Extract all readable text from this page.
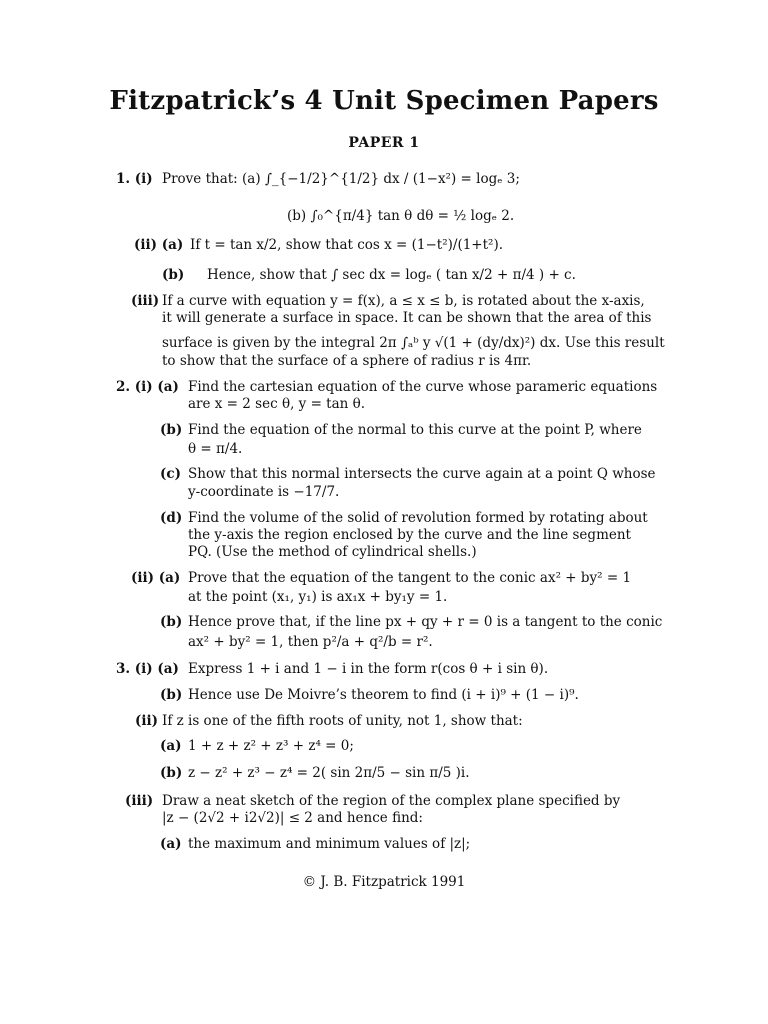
Fitzpatrick’s 4 Unit Specimen Papers
PAPER 1
1. (i) Prove that: (a) ∫_{−1/2}^{1/2} dx / (1−x²) = logₑ 3;
(b) ∫₀^{π/4} tan θ dθ = ½ logₑ 2.
(ii) (a) If t = tan x/2, show that cos x = (1−t²)/(1+t²).
(b) Hence, show that ∫ sec dx = logₑ ( tan x/2 + π/4 ) + c.
(iii) If a curve with equation y = f(x), a ≤ x ≤ b, is rotated about the x-axis,
it will generate a surface in space. It can be shown that the area of this
surface is given by the integral 2π ∫ₐᵇ y √(1 + (dy/dx)²) dx. Use this result
to show that the surface of a sphere of radius r is 4πr.
2. (i) (a) Find the cartesian equation of the curve whose parameric equations
are x = 2 sec θ, y = tan θ.
(b) Find the equation of the normal to this curve at the point P, where
θ = π/4.
(c) Show that this normal intersects the curve again at a point Q whose
y-coordinate is −17/7.
(d) Find the volume of the solid of revolution formed by rotating about
the y-axis the region enclosed by the curve and the line segment
PQ. (Use the method of cylindrical shells.)
(ii) (a) Prove that the equation of the tangent to the conic ax² + by² = 1
at the point (x₁, y₁) is ax₁x + by₁y = 1.
(b) Hence prove that, if the line px + qy + r = 0 is a tangent to the conic
ax² + by² = 1, then p²/a + q²/b = r².
3. (i) (a) Express 1 + i and 1 − i in the form r(cos θ + i sin θ).
(b) Hence use De Moivre’s theorem to find (i + i)⁹ + (1 − i)⁹.
(ii) If z is one of the fifth roots of unity, not 1, show that:
(a) 1 + z + z² + z³ + z⁴ = 0;
(b) z − z² + z³ − z⁴ = 2( sin 2π/5 − sin π/5 )i.
(iii) Draw a neat sketch of the region of the complex plane specified by
|z − (2√2 + i2√2)| ≤ 2 and hence find:
(a) the maximum and minimum values of |z|;
© J. B. Fitzpatrick 1991
